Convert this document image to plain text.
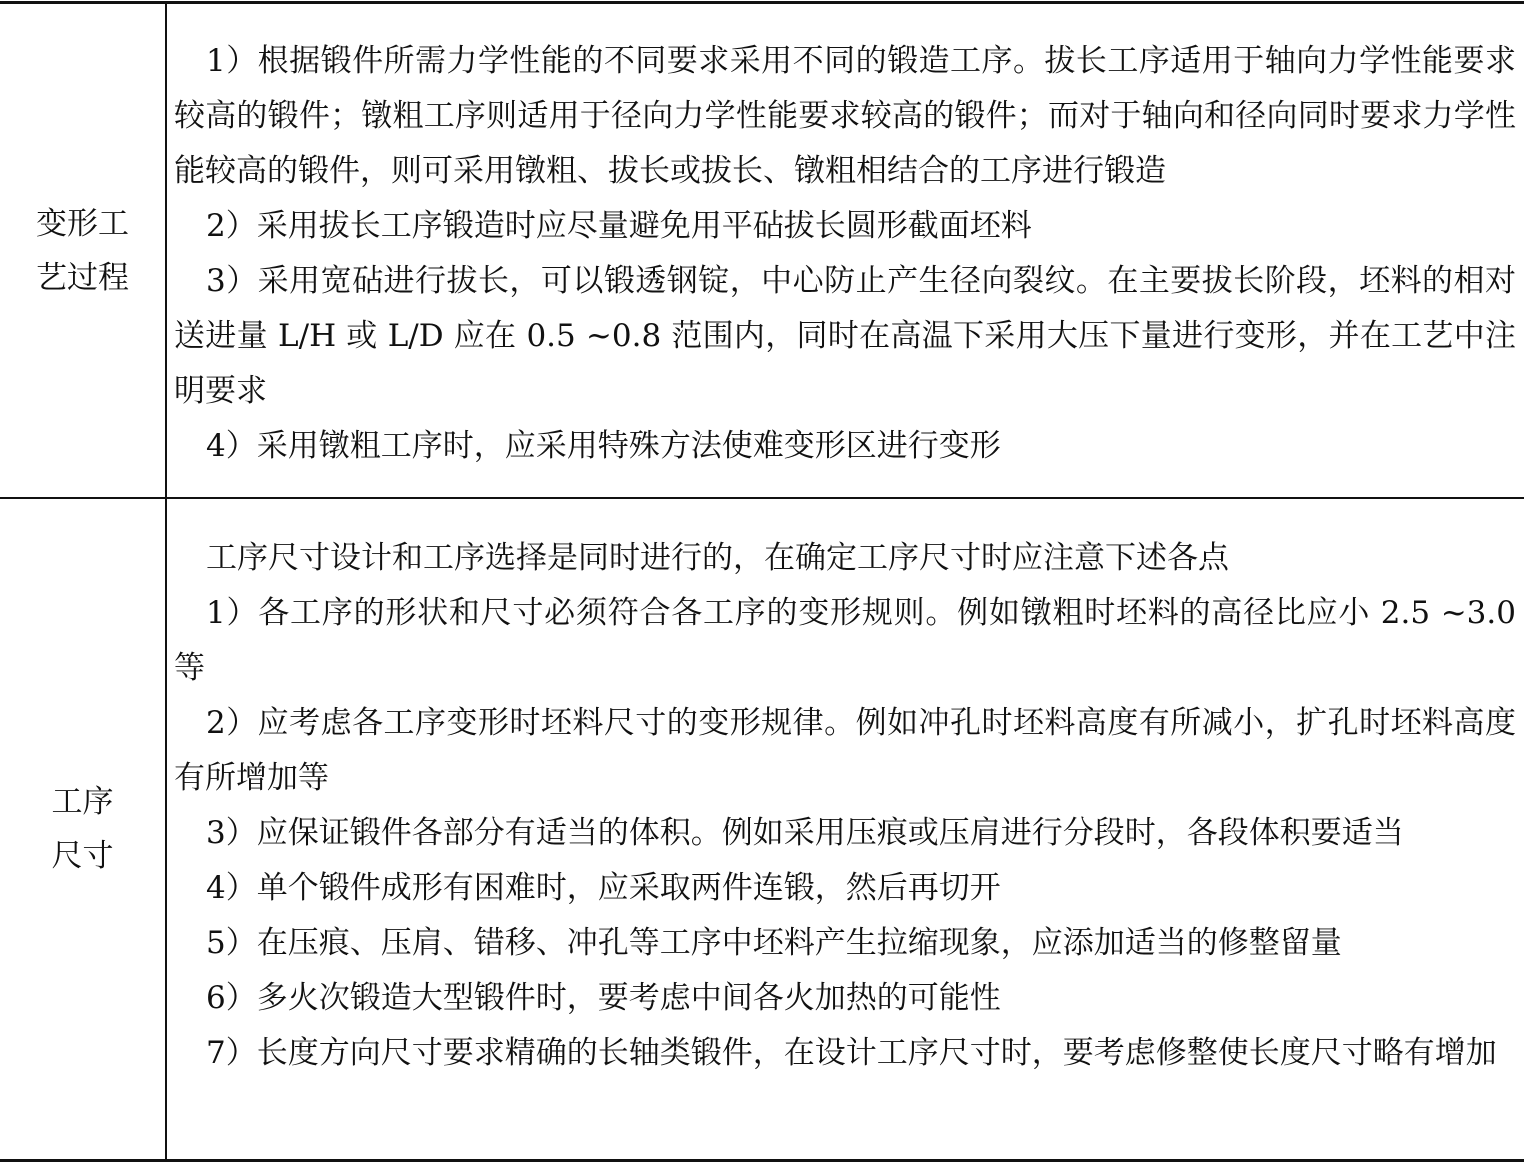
变形工
艺过程

1）根据锻件所需力学性能的不同要求采用不同的锻造工序。拔长工序适用于轴向力学性能要求较高的锻件；镦粗工序则适用于径向力学性能要求较高的锻件；而对于轴向和径向同时要求力学性能较高的锻件，则可采用镦粗、拔长或拔长、镦粗相结合的工序进行锻造

2）采用拔长工序锻造时应尽量避免用平砧拔长圆形截面坯料

3）采用宽砧进行拔长，可以锻透钢锭，中心防止产生径向裂纹。在主要拔长阶段，坯料的相对送进量 L/H 或 L/D 应在 0.5 ~0.8 范围内，同时在高温下采用大压下量进行变形，并在工艺中注明要求

4）采用镦粗工序时，应采用特殊方法使难变形区进行变形

工序
尺寸

工序尺寸设计和工序选择是同时进行的，在确定工序尺寸时应注意下述各点

1）各工序的形状和尺寸必须符合各工序的变形规则。例如镦粗时坯料的高径比应小 2.5 ~3.0 等

2）应考虑各工序变形时坯料尺寸的变形规律。例如冲孔时坯料高度有所减小，扩孔时坯料高度有所增加等

3）应保证锻件各部分有适当的体积。例如采用压痕或压肩进行分段时，各段体积要适当

4）单个锻件成形有困难时，应采取两件连锻，然后再切开

5）在压痕、压肩、错移、冲孔等工序中坯料产生拉缩现象，应添加适当的修整留量

6）多火次锻造大型锻件时，要考虑中间各火加热的可能性

7）长度方向尺寸要求精确的长轴类锻件，在设计工序尺寸时，要考虑修整使长度尺寸略有增加
